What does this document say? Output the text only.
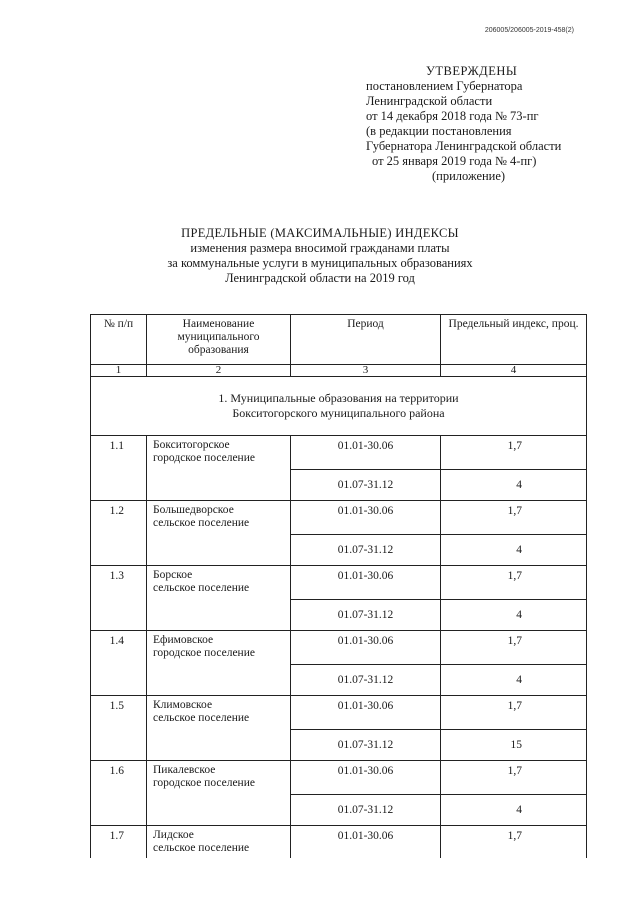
206005/206005-2019-458(2)
УТВЕРЖДЕНЫ
постановлением Губернатора
Ленинградской области
от 14 декабря 2018 года № 73-пг
(в редакции постановления
Губернатора Ленинградской области
от 25 января 2019 года № 4-пг)
(приложение)
ПРЕДЕЛЬНЫЕ (МАКСИМАЛЬНЫЕ) ИНДЕКСЫ
изменения размера вносимой гражданами платы
за коммунальные услуги в муниципальных образованиях
Ленинградской области на 2019 год
№ п/п	Наименование муниципального образования	Период	Предельный индекс, проц.
1	2	3	4

1. Муниципальные образования на территории
Бокситогорского муниципального района			

1.1	Бокситогорское
городское поселение	01.01-30.06	1,7
		01.07-31.12	4
1.2	Большедворское
сельское поселение	01.01-30.06	1,7
		01.07-31.12	4
1.3	Борское
сельское поселение	01.01-30.06	1,7
		01.07-31.12	4
1.4	Ефимовское
городское поселение	01.01-30.06	1,7
		01.07-31.12	4
1.5	Климовское
сельское поселение	01.01-30.06	1,7
		01.07-31.12	15
1.6	Пикалевское
городское поселение	01.01-30.06	1,7
		01.07-31.12	4
1.7	Лидское
сельское поселение	01.01-30.06	1,7
